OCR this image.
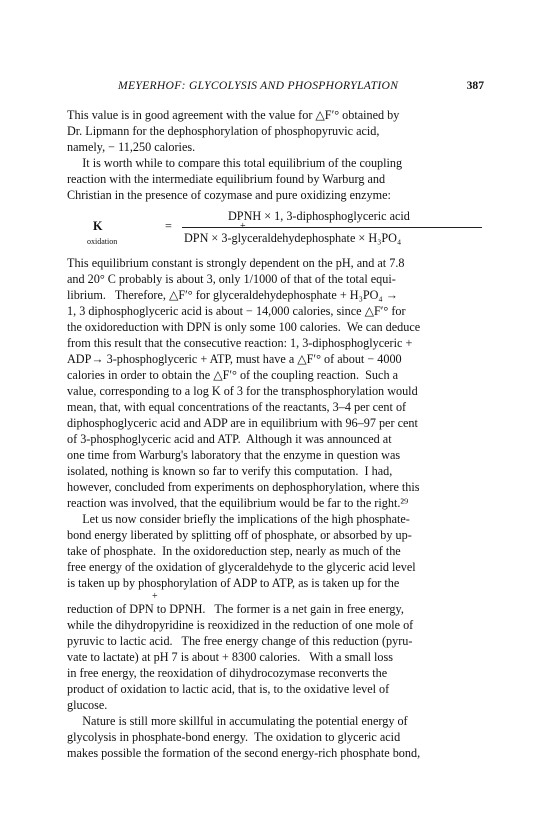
MEYERHOF: GLYCOLYSIS AND PHOSPHORYLATION	387
This value is in good agreement with the value for △F′° obtained by
Dr. Lipmann for the dephosphorylation of phosphopyruvic acid,
namely, − 11,250 calories.
It is worth while to compare this total equilibrium of the coupling
reaction with the intermediate equilibrium found by Warburg and
Christian in the presence of cozymase and pure oxidizing enzyme:
K
oxidation
=
DPNH × 1, 3-diphosphoglyceric acid
DPN × 3-glyceraldehydephosphate × H₃PO₄
This equilibrium constant is strongly dependent on the pH, and at 7.8
and 20° C probably is about 3, only 1/1000 of that of the total equi-
librium.   Therefore, △F′° for glyceraldehydephosphate + H₃PO₄ →
1, 3 diphosphoglyceric acid is about − 14,000 calories, since △F′° for
the oxidoreduction with DPN is only some 100 calories.  We can deduce
from this result that the consecutive reaction: 1, 3-diphosphoglyceric +
ADP→ 3-phosphoglyceric + ATP, must have a △F′° of about − 4000
calories in order to obtain the △F′° of the coupling reaction.  Such a
value, corresponding to a log K of 3 for the transphosphorylation would
mean, that, with equal concentrations of the reactants, 3–4 per cent of
diphosphoglyceric acid and ADP are in equilibrium with 96–97 per cent
of 3-phosphoglyceric acid and ATP.  Although it was announced at
one time from Warburg's laboratory that the enzyme in question was
isolated, nothing is known so far to verify this computation.  I had,
however, concluded from experiments on dephosphorylation, where this
reaction was involved, that the equilibrium would be far to the right.²⁹
Let us now consider briefly the implications of the high phosphate-
bond energy liberated by splitting off of phosphate, or absorbed by up-
take of phosphate.  In the oxidoreduction step, nearly as much of the
free energy of the oxidation of glyceraldehyde to the glyceric acid level
is taken up by phosphorylation of ADP to ATP, as is taken up for the
+
reduction of DPN to DPNH.   The former is a net gain in free energy,
while the dihydropyridine is reoxidized in the reduction of one mole of
pyruvic to lactic acid.   The free energy change of this reduction (pyru-
vate to lactate) at pH 7 is about + 8300 calories.   With a small loss
in free energy, the reoxidation of dihydrocozymase reconverts the
product of oxidation to lactic acid, that is, to the oxidative level of
glucose.
Nature is still more skillful in accumulating the potential energy of
glycolysis in phosphate-bond energy.  The oxidation to glyceric acid
makes possible the formation of the second energy-rich phosphate bond,
